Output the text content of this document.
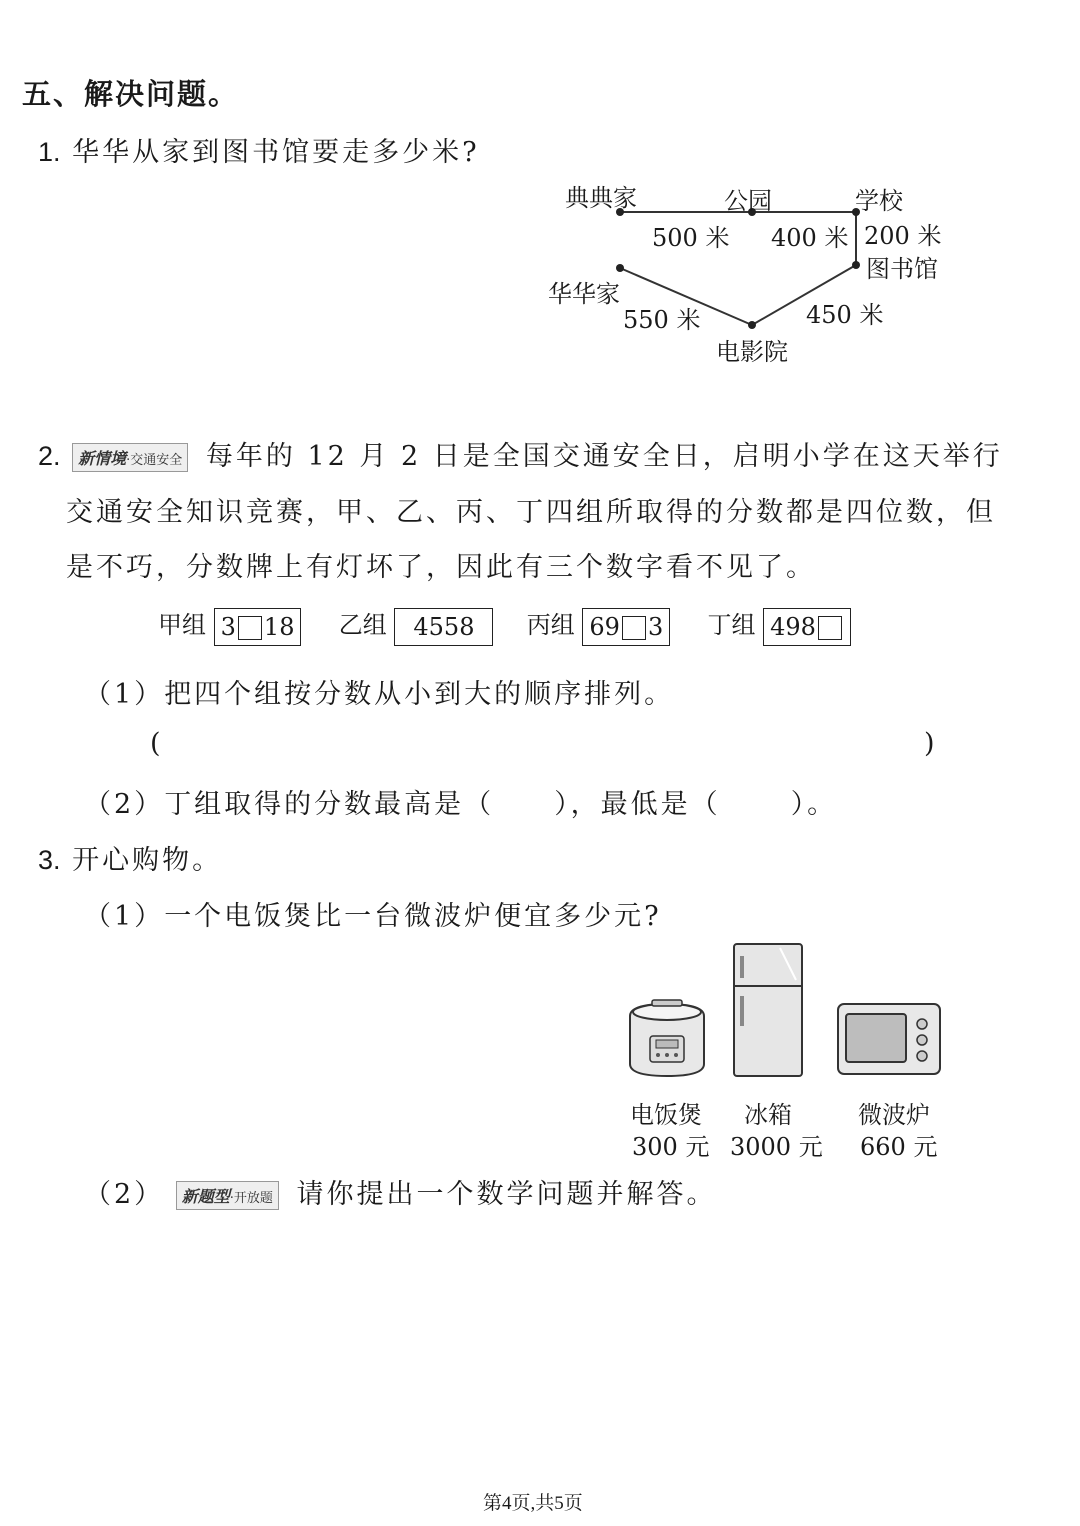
五、解决问题。
1. 华华从家到图书馆要走多少米?
典典家	公园	学校
图书馆
华华家
电影院
500 米 400 米 200 米
550 米	450 米
2. 新情境·交通安全 每年的 12 月 2 日是全国交通安全日，启明小学在这天举行
交通安全知识竞赛，甲、乙、丙、丁四组所取得的分数都是四位数，但
是不巧，分数牌上有灯坏了，因此有三个数字看不见了。
甲组 3 18 乙组 4558 丙组 69 3 丁组 498
（1）把四个组按分数从小到大的顺序排列。
(	)
（2）丁组取得的分数最高是（ ），最低是（	）。
3. 开心购物。
（1）一个电饭煲比一台微波炉便宜多少元?
电饭煲
300 元
冰箱
3000 元
微波炉
660 元
（2） 新题型·开放题 请你提出一个数学问题并解答。
第4页,共5页
